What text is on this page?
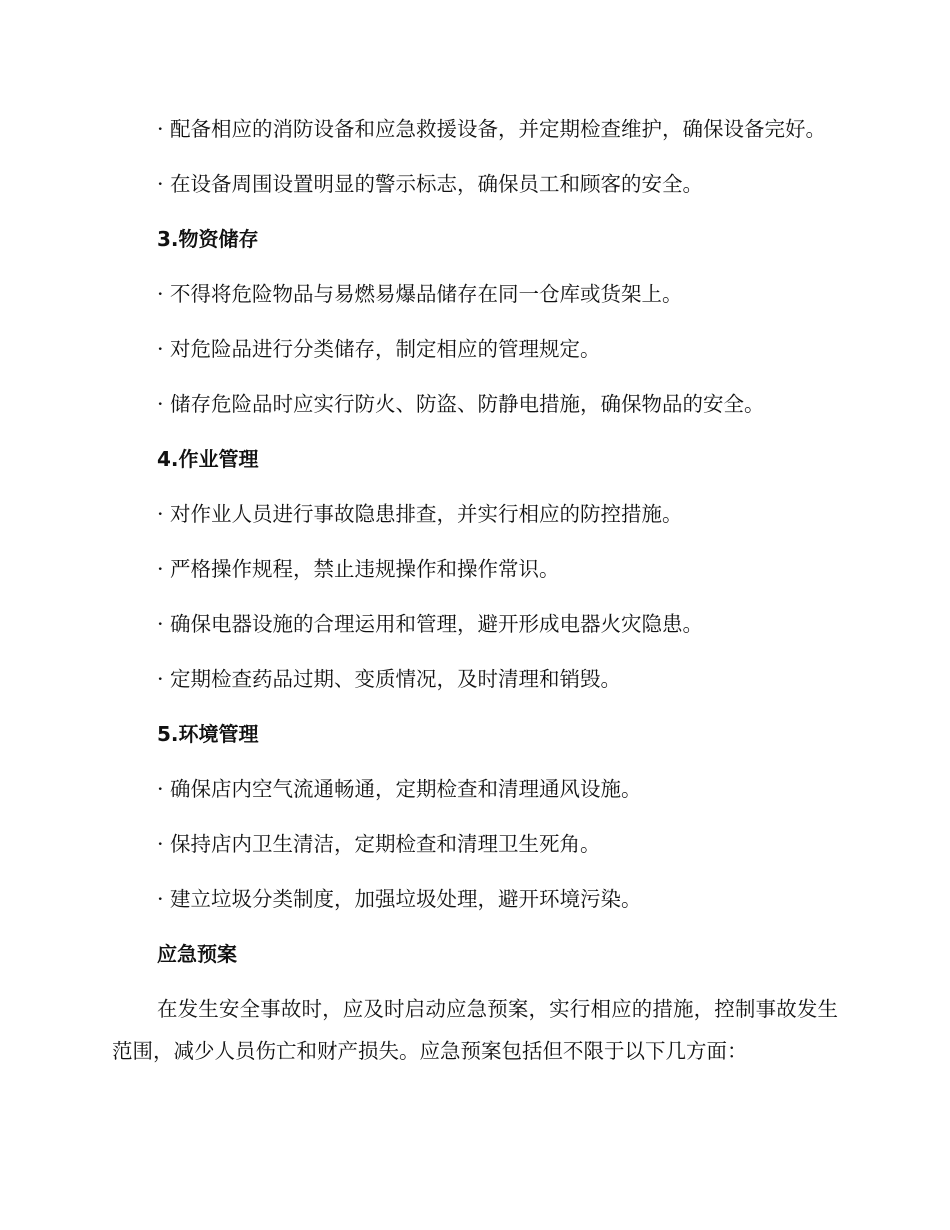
· 配备相应的消防设备和应急救援设备，并定期检查维护，确保设备完好。

· 在设备周围设置明显的警示标志，确保员工和顾客的安全。

3.物资储存

· 不得将危险物品与易燃易爆品储存在同一仓库或货架上。

· 对危险品进行分类储存，制定相应的管理规定。

· 储存危险品时应实行防火、防盗、防静电措施，确保物品的安全。

4.作业管理

· 对作业人员进行事故隐患排查，并实行相应的防控措施。

· 严格操作规程，禁止违规操作和操作常识。

· 确保电器设施的合理运用和管理，避开形成电器火灾隐患。

· 定期检查药品过期、变质情况，及时清理和销毁。

5.环境管理

· 确保店内空气流通畅通，定期检查和清理通风设施。

· 保持店内卫生清洁，定期检查和清理卫生死角。

· 建立垃圾分类制度，加强垃圾处理，避开环境污染。

应急预案

在发生安全事故时，应及时启动应急预案，实行相应的措施，控制事故发生范围，减少人员伤亡和财产损失。应急预案包括但不限于以下几方面：
